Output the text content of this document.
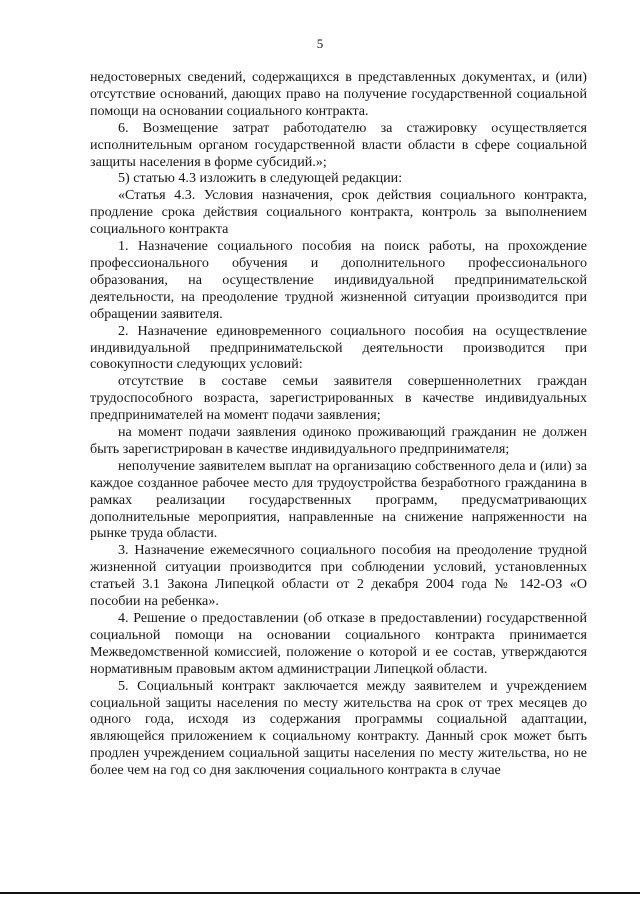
5

недостоверных сведений, содержащихся в представленных документах, и (или) отсутствие оснований, дающих право на получение государственной социальной помощи на основании социального контракта.

6. Возмещение затрат работодателю за стажировку осуществляется исполнительным органом государственной власти области в сфере социальной защиты населения в форме субсидий.»;

5) статью 4.3 изложить в следующей редакции:

«Статья 4.3. Условия назначения, срок действия социального контракта, продление срока действия социального контракта, контроль за выполнением социального контракта

1. Назначение социального пособия на поиск работы, на прохождение профессионального обучения и дополнительного профессионального образования, на осуществление индивидуальной предпринимательской деятельности, на преодоление трудной жизненной ситуации производится при обращении заявителя.

2. Назначение единовременного социального пособия на осуществление индивидуальной предпринимательской деятельности производится при совокупности следующих условий:

отсутствие в составе семьи заявителя совершеннолетних граждан трудоспособного возраста, зарегистрированных в качестве индивидуальных предпринимателей на момент подачи заявления;

на момент подачи заявления одиноко проживающий гражданин не должен быть зарегистрирован в качестве индивидуального предпринимателя;

неполучение заявителем выплат на организацию собственного дела и (или) за каждое созданное рабочее место для трудоустройства безработного гражданина в рамках реализации государственных программ, предусматривающих дополнительные мероприятия, направленные на снижение напряженности на рынке труда области.

3. Назначение ежемесячного социального пособия на преодоление трудной жизненной ситуации производится при соблюдении условий, установленных статьей 3.1 Закона Липецкой области от 2 декабря 2004 года № 142-ОЗ «О пособии на ребенка».

4. Решение о предоставлении (об отказе в предоставлении) государственной социальной помощи на основании социального контракта принимается Межведомственной комиссией, положение о которой и ее состав, утверждаются нормативным правовым актом администрации Липецкой области.

5. Социальный контракт заключается между заявителем и учреждением социальной защиты населения по месту жительства на срок от трех месяцев до одного года, исходя из содержания программы социальной адаптации, являющейся приложением к социальному контракту. Данный срок может быть продлен учреждением социальной защиты населения по месту жительства, но не более чем на год со дня заключения социального контракта в случае
